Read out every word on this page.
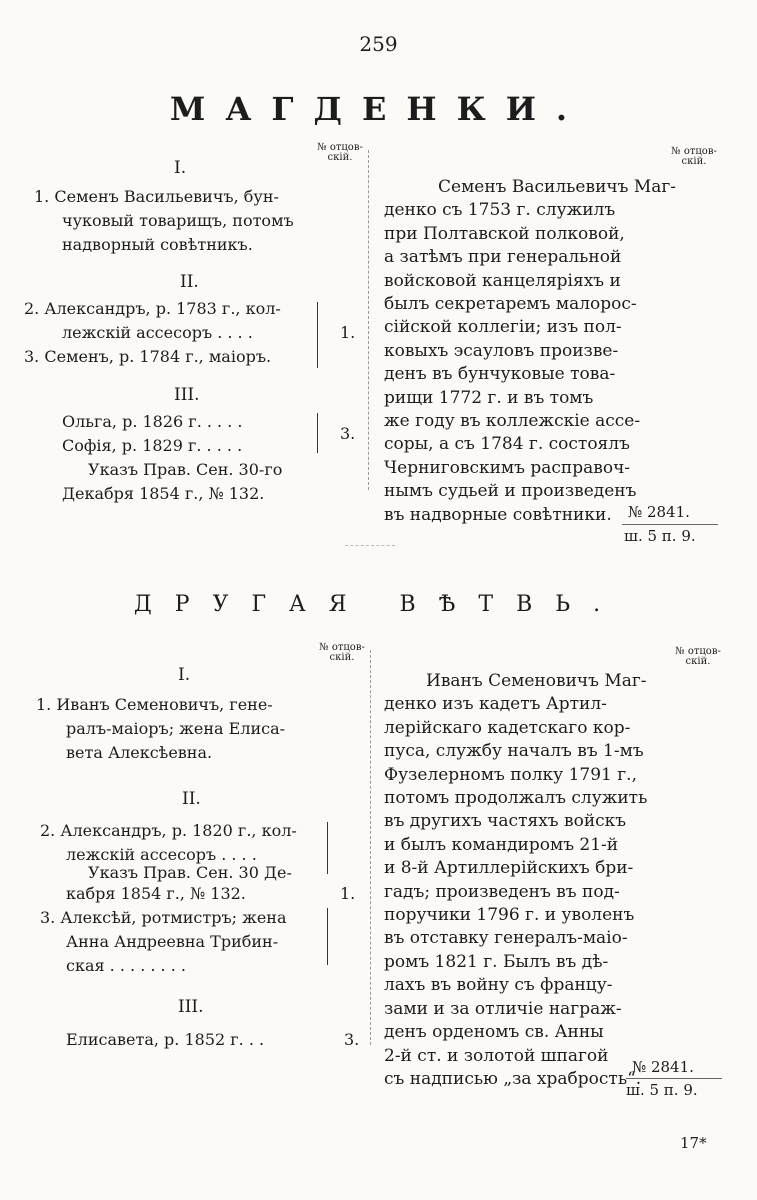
259
МАГДЕНКИ.
№ отцов-
скій.
№ отцов-
скій.
I.
1. Семенъ Васильевичъ, бун-
чуковый товарищъ, потомъ
надворный совѣтникъ.
II.
2. Александръ, р. 1783 г., кол-
лежскій ассесоръ . . . .
3. Семенъ, р. 1784 г., маіоръ.
1.
III.
Ольга, р. 1826 г. . . . .
Софія, р. 1829 г. . . . .
3.
Указъ Прав. Сен. 30-го
Декабря 1854 г., № 132.
Семенъ Васильевичъ Маг-
денко съ 1753 г. служилъ
при Полтавской полковой,
а затѣмъ при генеральной
войсковой канцеляріяхъ и
былъ секретаремъ малорос-
сійской коллегіи; изъ пол-
ковыхъ эсауловъ произве-
денъ въ бунчуковые това-
рищи 1772 г. и въ томъ
же году въ коллежскіе ассе-
соры, а съ 1784 г. состоялъ
Черниговскимъ расправоч-
нымъ судьей и произведенъ
въ надворные совѣтники.	№ 2841.
ш. 5 п. 9.
ДРУГАЯ ВѢТВЬ.
№ отцов-
скій.
№ отцов-
скій.
I.
1. Иванъ Семеновичъ, гене-
ралъ-маіоръ; жена Елиса-
вета Алексѣевна.
II.
2. Александръ, р. 1820 г., кол-
лежскій ассесоръ . . . .
Указъ Прав. Сен. 30 Де-
кабря 1854 г., № 132.
3. Алексѣй, ротмистръ; жена
Анна Андреевна Трибин-
ская . . . . . . . .
1.
III.
Елисавета, р. 1852 г. . .	3.
Иванъ Семеновичъ Маг-
денко изъ кадетъ Артил-
лерійскаго кадетскаго кор-
пуса, службу началъ въ 1-мъ
Фузелерномъ полку 1791 г.,
потомъ продолжалъ служить
въ другихъ частяхъ войскъ
и былъ командиромъ 21-й
и 8-й Артиллерійскихъ бри-
гадъ; произведенъ въ под-
поручики 1796 г. и уволенъ
въ отставку генералъ-маіо-
ромъ 1821 г. Былъ въ дѣ-
лахъ въ войну съ францу-
зами и за отличіе награж-
денъ орденомъ св. Анны
2-й ст. и золотой шпагой
съ надписью „за храбрость“.
№ 2841.
ш. 5 п. 9.
17*
